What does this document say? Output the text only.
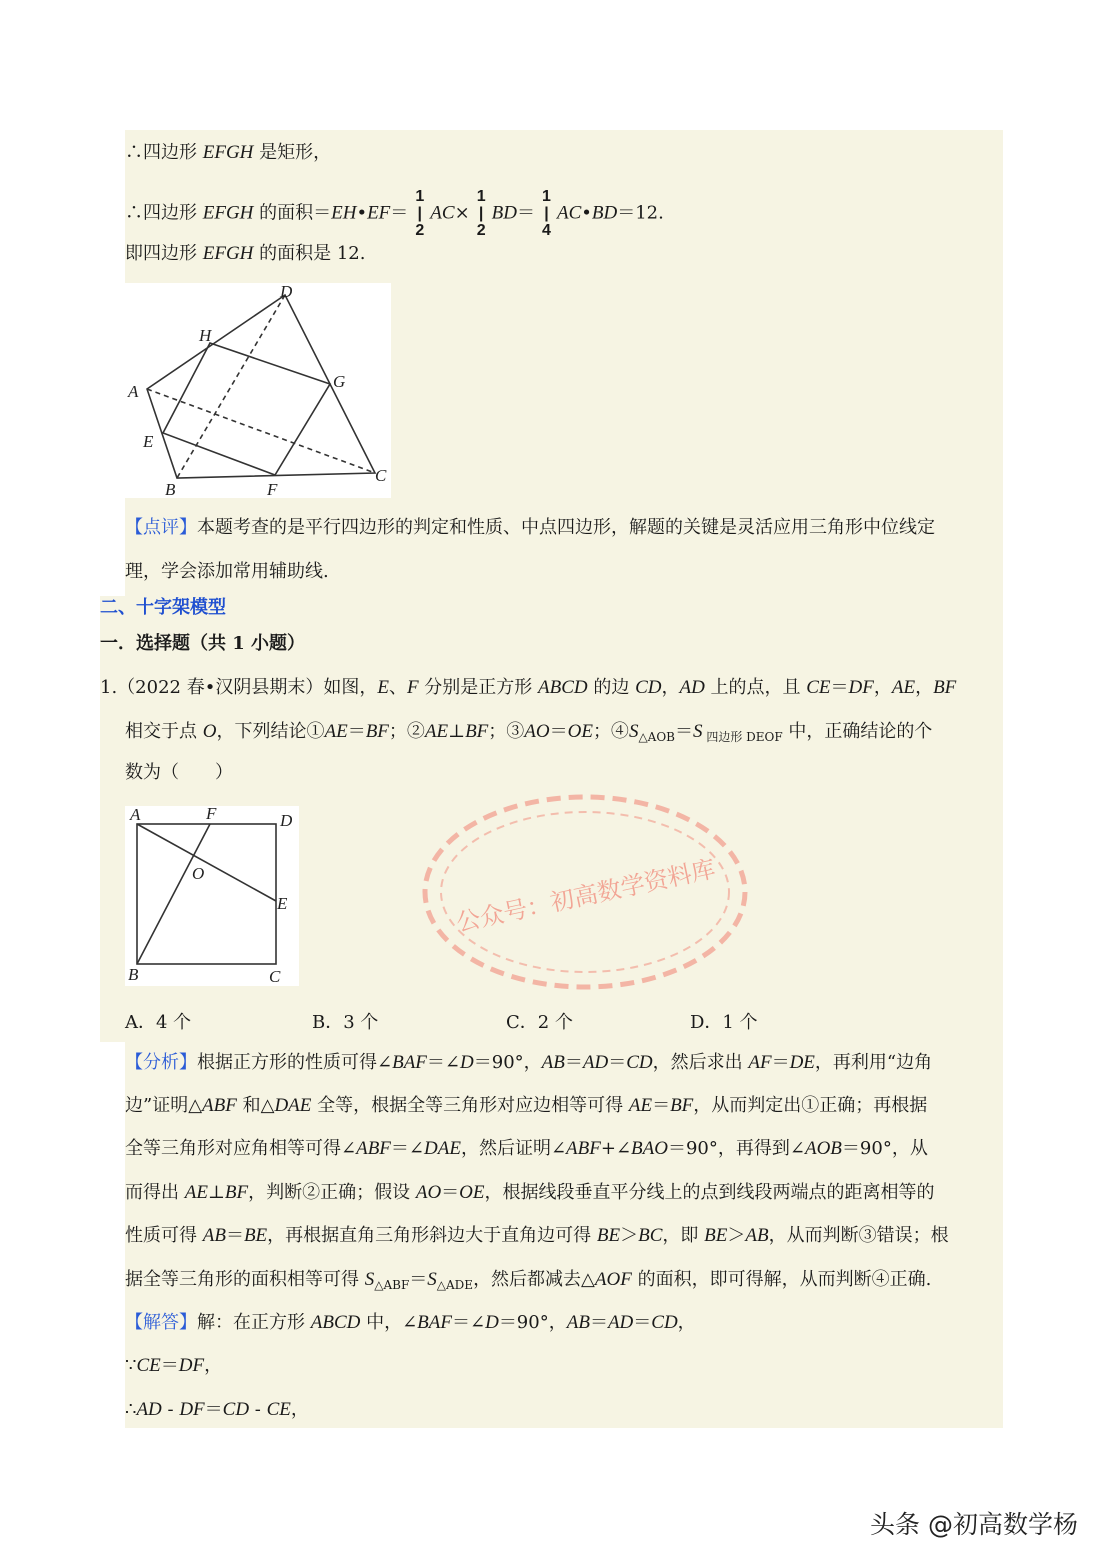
∴四边形 EFGH 是矩形，
∴四边形 EFGH 的面积＝EH•EF＝ 1|2 AC× 1|2 BD＝ 1|4 AC•BD＝12.
即四边形 EFGH 的面积是 12.
【点评】本题考查的是平行四边形的判定和性质、中点四边形，解题的关键是灵活应用三角形中位线定
理，学会添加常用辅助线.
二、十字架模型
一．选择题（共 1 小题）
1.（2022 春•汉阴县期末）如图，E、F 分别是正方形 ABCD 的边 CD，AD 上的点，且 CE＝DF，AE，BF
相交于点 O，下列结论①AE＝BF；②AE⊥BF；③AO＝OE；$④S_{\triangle AOB}=S$ $_{四边形 DEOF}$ 中，正确结论的个
数为（　　）
【分析】根据正方形的性质可得∠BAF＝∠D＝90°，AB＝AD＝CD，然后求出 AF＝DE，再利用“边角
边”证明△ABF 和△DAE 全等，根据全等三角形对应边相等可得 AE＝BF，从而判定出①正确；再根据
全等三角形对应角相等可得∠ABF＝∠DAE，然后证明∠ABF+∠BAO＝90°，再得到∠AOB＝90°，从
而得出 AE⊥BF，判断②正确；假设 AO＝OE，根据线段垂直平分线上的点到线段两端点的距离相等的
性质可得 AB＝BE，再根据直角三角形斜边大于直角边可得 BE＞BC，即 BE＞AB，从而判断③错误；根
据全等三角形的面积相等可得 $S_{\triangle ABF}=S_{\triangle ADE}$，然后都减去△AOF 的面积，即可得解，从而判断④正确.
【解答】解：在正方形 ABCD 中，∠BAF＝∠D＝90°，AB＝AD＝CD，
∵CE＝DF，
∴AD - DF＝CD - CE，
A
B
C
D
E
F
G
H
A
B	C
D
E
F
O
A．4 个	B．3 个	C．2 个	D．1 个
公众号：初高数学资料库
头条 @初高数学杨
